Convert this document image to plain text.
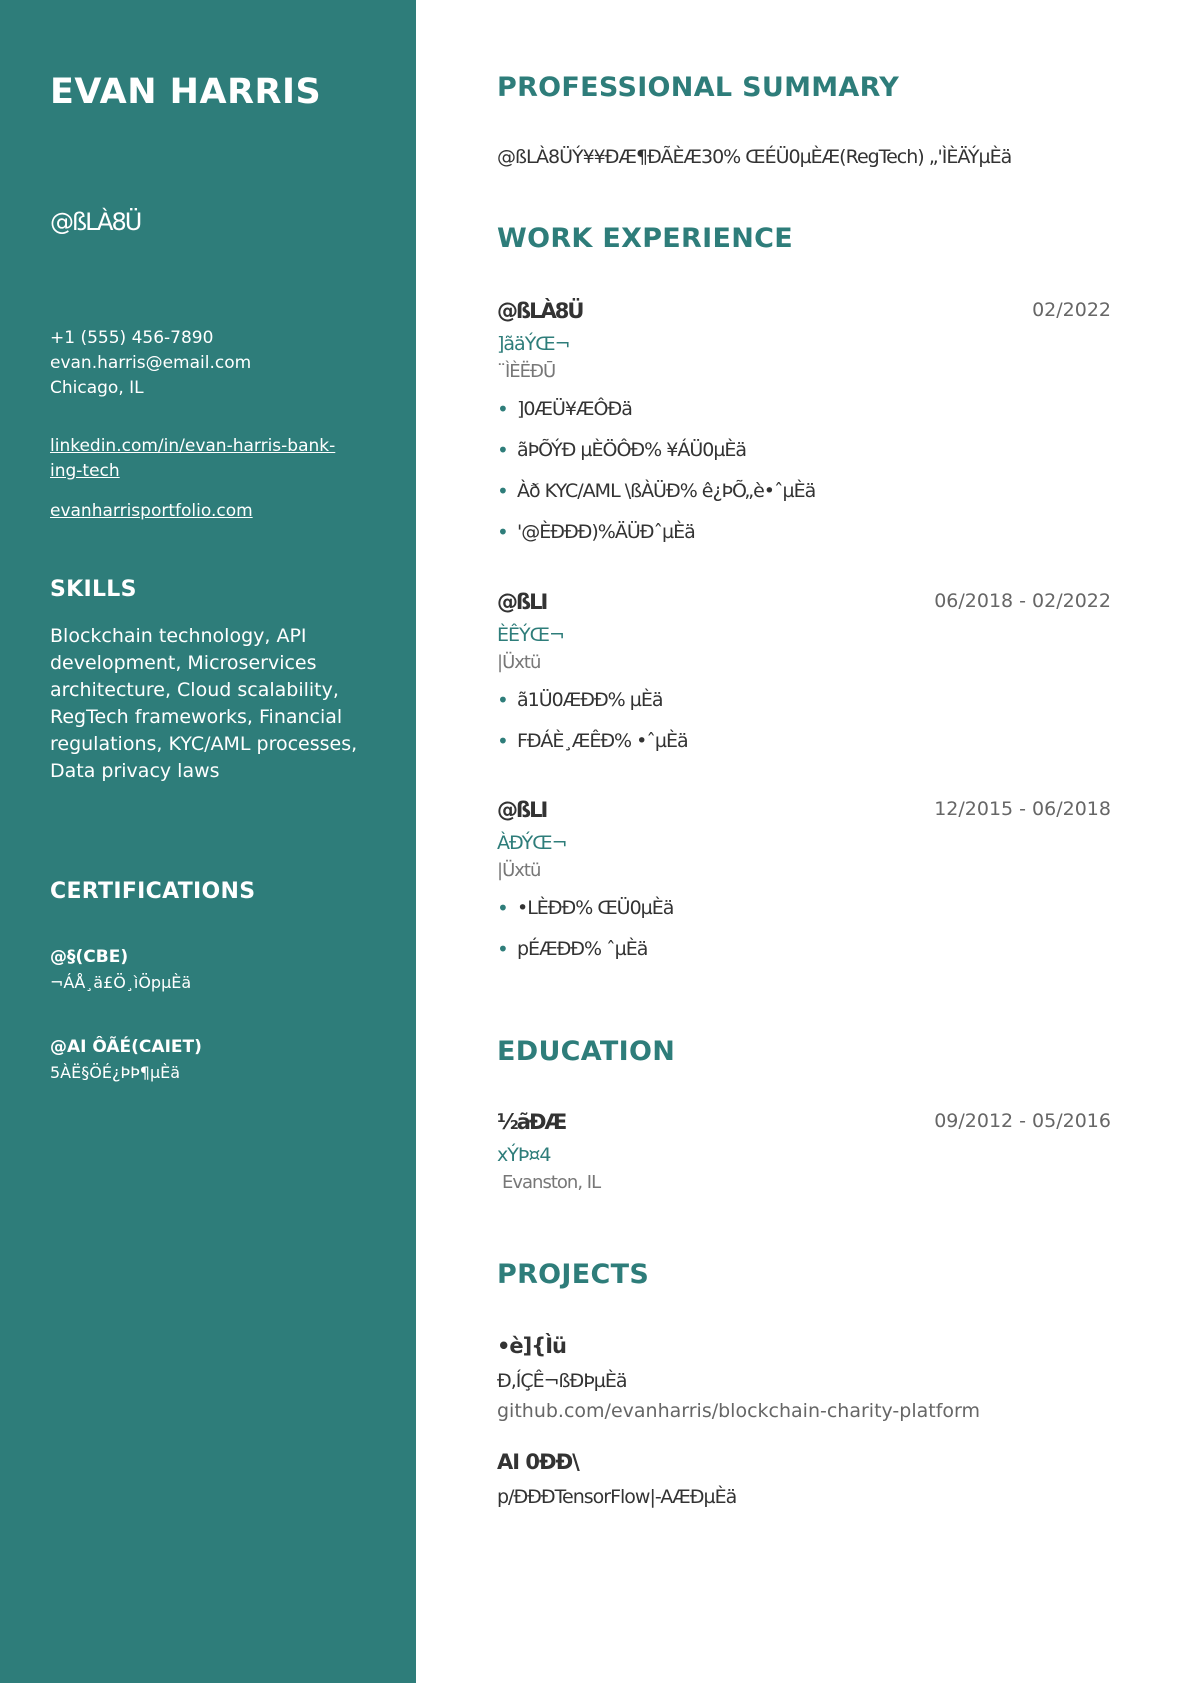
EVAN HARRIS
@ßLÀ8Ü
+1 (555) 456-7890
evan.harris@email.com
Chicago, IL
linkedin.com/in/evan-harris-bank-ing-tech
evanharrisportfolio.com
SKILLS
Blockchain technology, API development, Microservices architecture, Cloud scalability, RegTech frameworks, Financial regulations, KYC/AML processes, Data privacy laws
CERTIFICATIONS
@§(CBE)
¬ÁÅ¸ä£Ö¸ìÖpµÈä
@AI ÔÃÉ(CAIET)
5ÀË§ÖÉ¿ÞÞ¶µÈä
PROFESSIONAL SUMMARY
@ßLÀ8ÜÝ¥¥ÐÆ¶ÐÃÈÆ30% ŒÉÜ0µÈÆ(RegTech) „'ÌÈÄÝµÈä
WORK EXPERIENCE
@ßLÀ8Ü	02/2022
]ãäÝŒ¬
¨ÌÈËÐŪ
• ]0ÆÜ¥ÆÔÐä
• ãÞÕÝÐ µÈÖÔÐ% ¥ÁÜ0µÈä
• Àð KYC/AML \ßÀÜÐ% ê¿ÞÕ„è•ˆµÈä
• '@ÈÐÐÐ)%ÄÜÐˆµÈä
@ßLI	06/2018 - 02/2022
ÈÊÝŒ¬
|Üxtü
• ã1Ü0ÆÐÐ% µÈä
• FÐÁÈ¸ÆÊÐ% •ˆµÈä
@ßLI	12/2015 - 06/2018
ÀÐÝŒ¬
|Üxtü
• •LÈÐÐ% ŒÜ0µÈä
• pÉÆÐÐ% ˆµÈä
EDUCATION
½ãÐÆ	09/2012 - 05/2016
xÝÞ¤4
Evanston, IL
PROJECTS
•è]{Ìü
Ð,ÍÇÊ¬ßÐÞµÈä
github.com/evanharris/blockchain-charity-platform
AI 0ÐÐ\
p/ÐÐÐTensorFlow|-AÆÐµÈä
